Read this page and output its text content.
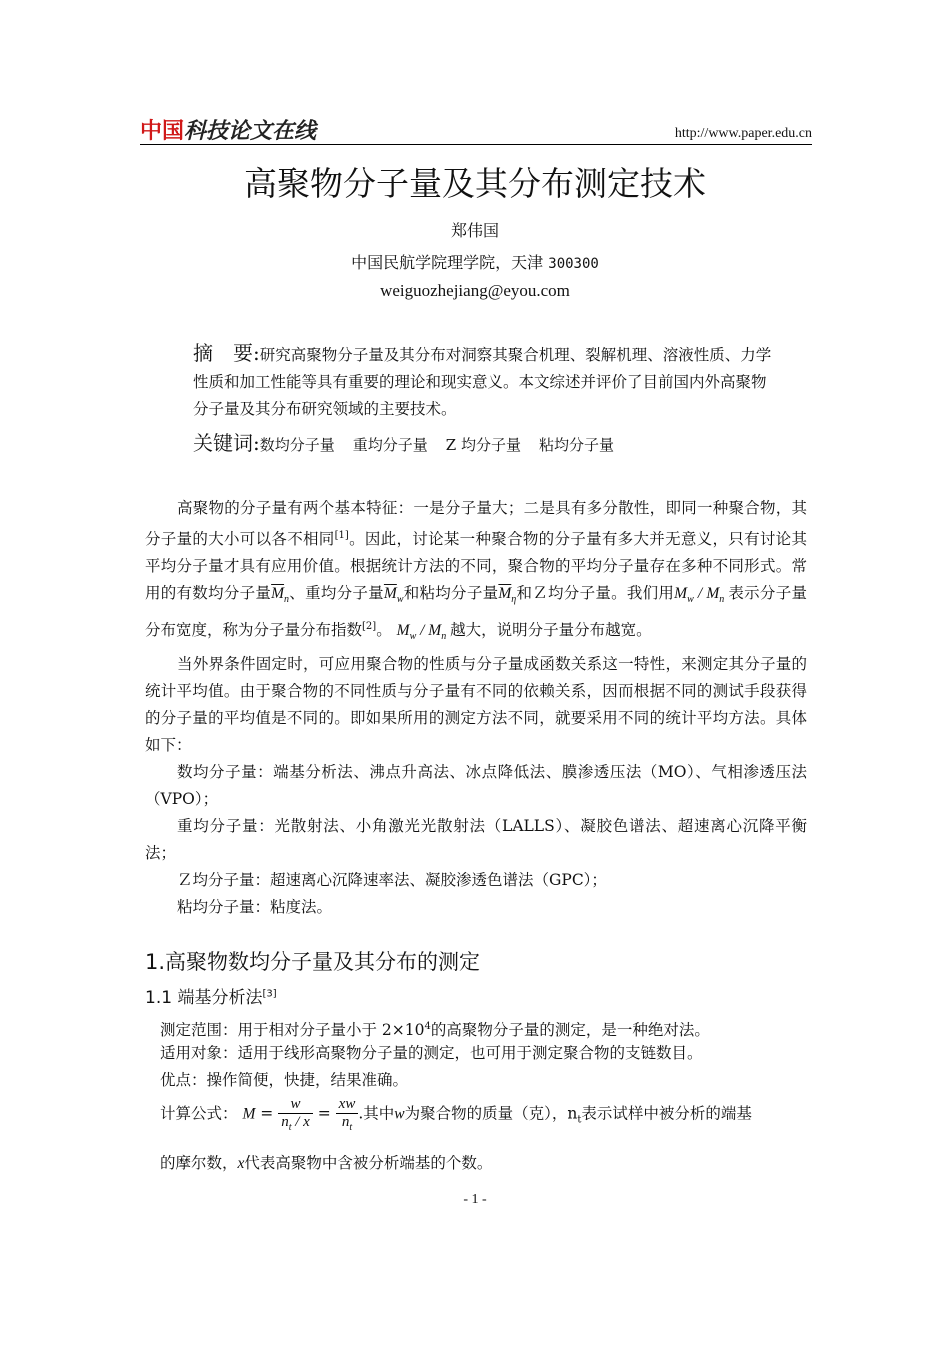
中国科技论文在线	http://www.paper.edu.cn
高聚物分子量及其分布测定技术
郑伟国
中国民航学院理学院，天津 300300
weiguozhejiang@eyou.com
摘　要:研究高聚物分子量及其分布对洞察其聚合机理、裂解机理、溶液性质、力学性质和加工性能等具有重要的理论和现实意义。本文综述并评价了目前国内外高聚物分子量及其分布研究领域的主要技术。
关键词:数均分子量 重均分子量 Z 均分子量 粘均分子量

高聚物的分子量有两个基本特征：一是分子量大；二是具有多分散性，即同一种聚合物，其分子量的大小可以各不相同[1]。因此，讨论某一种聚合物的分子量有多大并无意义，只有讨论其平均分子量才具有应用价值。根据统计方法的不同，聚合物的平均分子量存在多种不同形式。常用的有数均分子量$\overline{M}_n$、重均分子量$\overline{M}_w$和粘均分子量$\overline{M}_\eta$和Ｚ均分子量。我们用$M_w / M_n$ 表示分子量分布宽度，称为分子量分布指数[2]。 $M_w / M_n$ 越大，说明分子量分布越宽。

当外界条件固定时，可应用聚合物的性质与分子量成函数关系这一特性，来测定其分子量的统计平均值。由于聚合物的不同性质与分子量有不同的依赖关系，因而根据不同的测试手段获得的分子量的平均值是不同的。即如果所用的测定方法不同，就要采用不同的统计平均方法。具体如下：

数均分子量：端基分析法、沸点升高法、冰点降低法、膜渗透压法（MO）、气相渗透压法（VPO）；

重均分子量：光散射法、小角激光光散射法（LALLS）、凝胶色谱法、超速离心沉降平衡法；

Ｚ均分子量：超速离心沉降速率法、凝胶渗透色谱法（GPC）；

粘均分子量：粘度法。

1.高聚物数均分子量及其分布的测定
1.1 端基分析法[3]
测定范围：用于相对分子量小于 $2\times 10^4$的高聚物分子量的测定，是一种绝对法。
适用对象：适用于线形高聚物分子量的测定，也可用于测定聚合物的支链数目。
优点：操作简便，快捷，结果准确。
计算公式： $M = \frac{w}{n_t / x} = \frac{xw}{n_t}$ .其中w为聚合物的质量（克），$n_t$表示试样中被分析的端基
的摩尔数，x代表高聚物中含被分析端基的个数。
- 1 -
